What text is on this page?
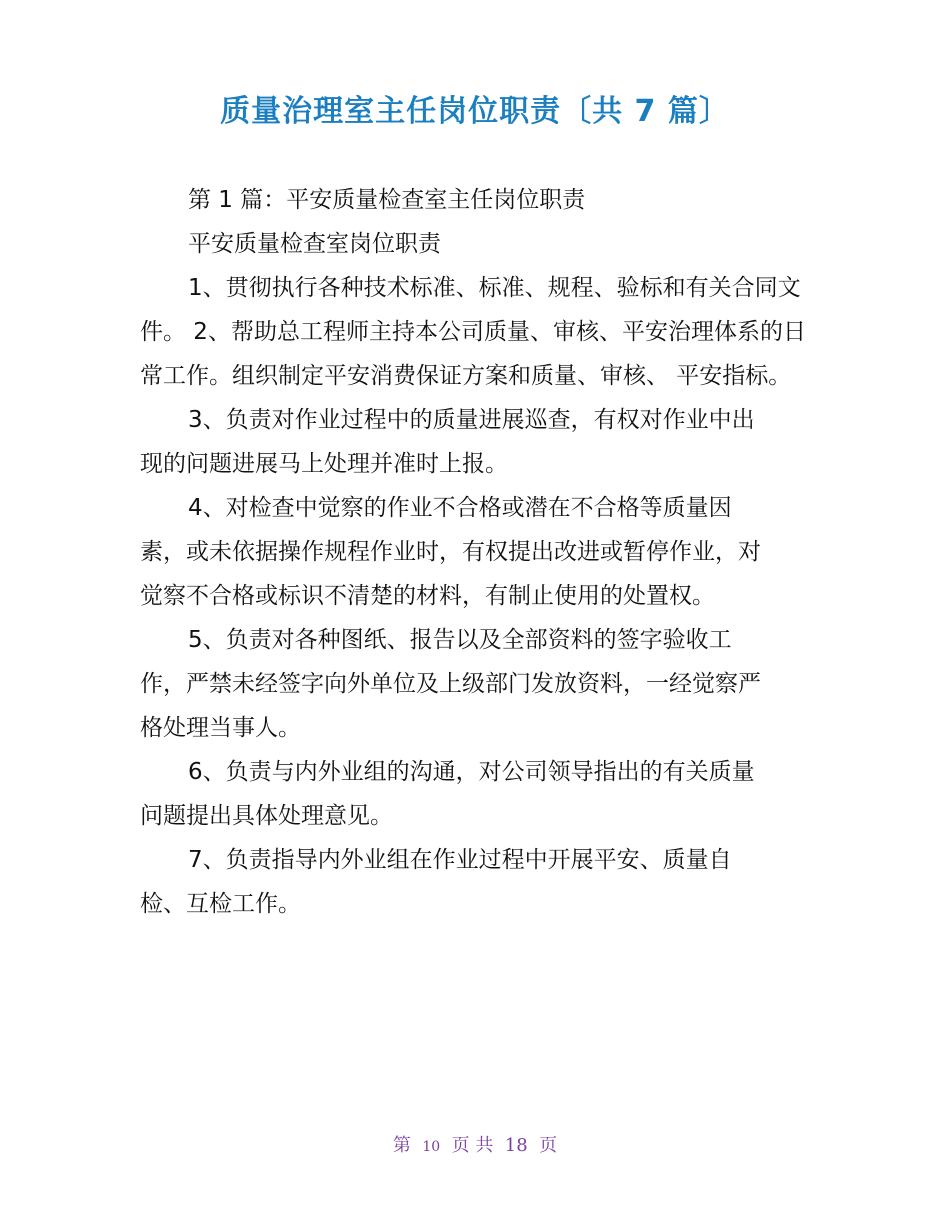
质量治理室主任岗位职责〔共 7 篇〕

第 1 篇：平安质量检查室主任岗位职责

平安质量检查室岗位职责

1、贯彻执行各种技术标准、标准、规程、验标和有关合同文件。 2、帮助总工程师主持本公司质量、审核、平安治理体系的日常工作。组织制定平安消费保证方案和质量、审核、 平安指标。

3、负责对作业过程中的质量进展巡查，有权对作业中出现的问题进展马上处理并准时上报。

4、对检查中觉察的作业不合格或潜在不合格等质量因素，或未依据操作规程作业时，有权提出改进或暂停作业，对 觉察不合格或标识不清楚的材料，有制止使用的处置权。

5、负责对各种图纸、报告以及全部资料的签字验收工作，严禁未经签字向外单位及上级部门发放资料，一经觉察严 格处理当事人。

6、负责与内外业组的沟通，对公司领导指出的有关质量问题提出具体处理意见。

7、负责指导内外业组在作业过程中开展平安、质量自检、互检工作。

第 10 页 共 18 页
